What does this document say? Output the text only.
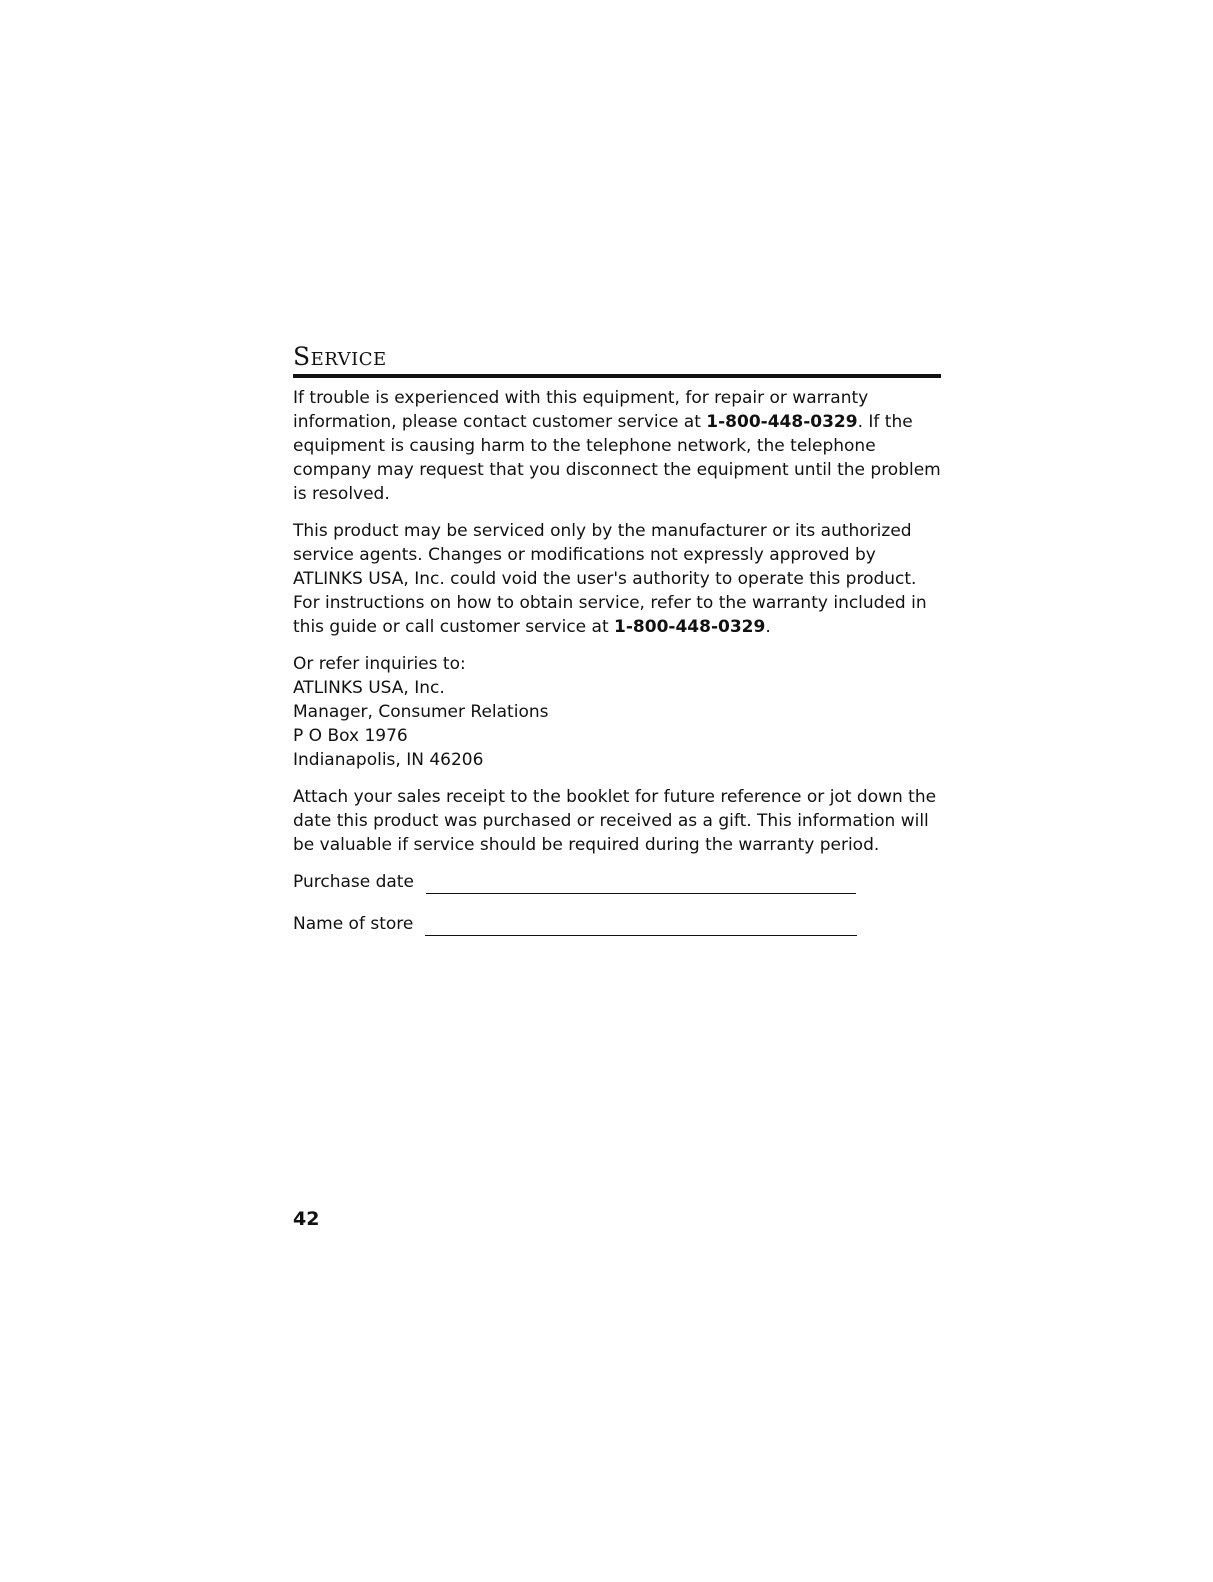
Service

If trouble is experienced with this equipment, for repair or warranty information, please contact customer service at 1-800-448-0329. If the equipment is causing harm to the telephone network, the telephone company may request that you disconnect the equipment until the problem is resolved.

This product may be serviced only by the manufacturer or its authorized service agents. Changes or modifications not expressly approved by ATLINKS USA, Inc. could void the user's authority to operate this product. For instructions on how to obtain service, refer to the warranty included in this guide or call customer service at 1-800-448-0329.

Or refer inquiries to:
ATLINKS USA, Inc.
Manager, Consumer Relations
P O Box 1976
Indianapolis, IN 46206

Attach your sales receipt to the booklet for future reference or jot down the date this product was purchased or received as a gift. This information will be valuable if service should be required during the warranty period.

Purchase date
Name of store
42
